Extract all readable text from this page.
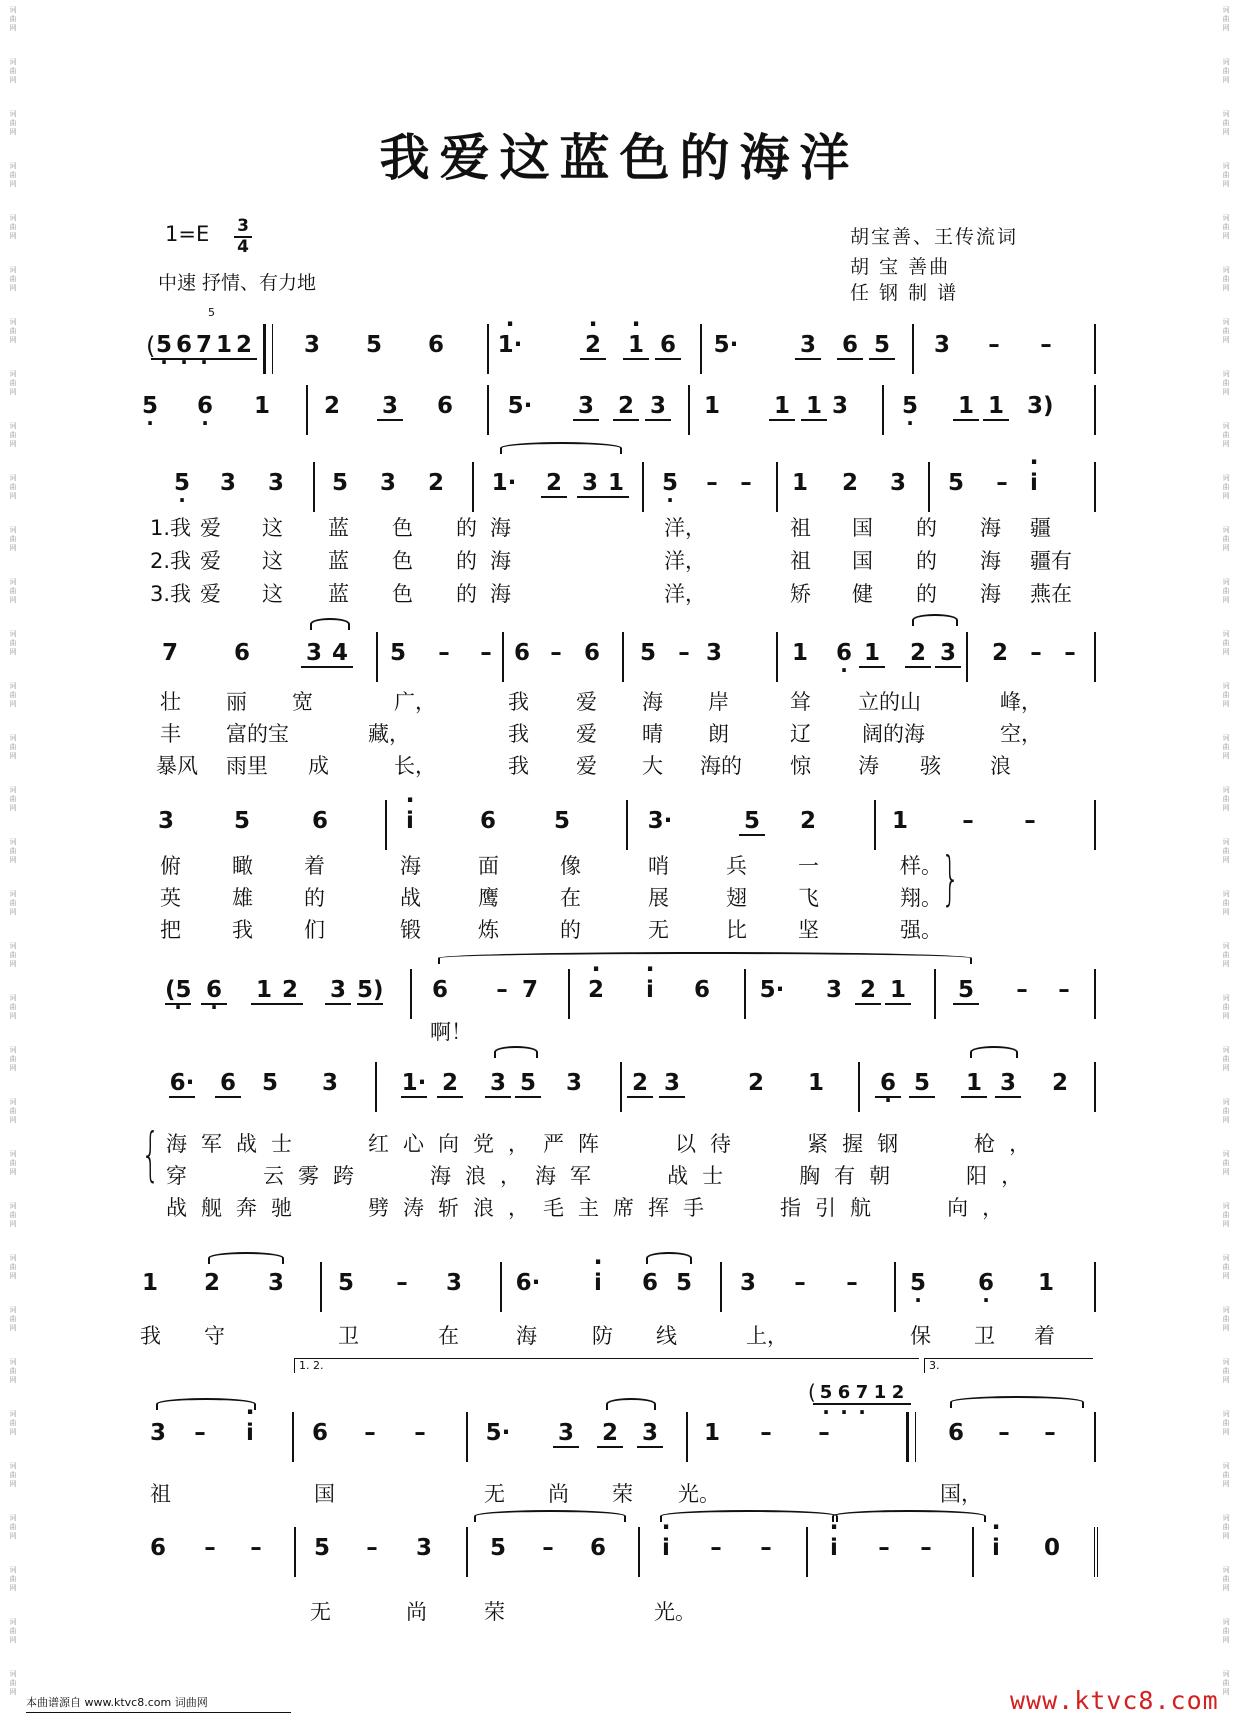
词
曲
网
词
曲
网
词
曲
网
词
曲
网
词
曲
网
词
曲
网
词
曲
网
词
曲
网
词
曲
网
词
曲
网
词
曲
网
词
曲
网
词
曲
网
词
曲
网
词
曲
网
词
曲
网
词
曲
网
词
曲
网
词
曲
网
词
曲
网
词
曲
网
词
曲
网
词
曲
网
词
曲
网
词
曲
网
词
曲
网
词
曲
网
词
曲
网
词
曲
网
词
曲
网
词
曲
网
词
曲
网
词
曲
网
词
曲
网
词
曲
网
词
曲
网
词
曲
网
词
曲
网
词
曲
网
词
曲
网
词
曲
网
词
曲
网
词
曲
网
词
曲
网
词
曲
网
词
曲
网
词
曲
网
词
曲
网
词
曲
网
词
曲
网
词
曲
网
词
曲
网
词
曲
网
词
曲
网
词
曲
网
词
曲
网
词
曲
网
词
曲
网
词
曲
网
词
曲
网
词
曲
网
词
曲
网
词
曲
网
词
曲
网
词
曲
网
词
曲
网
我爱这蓝色的海洋
1=E 3
4
中速 抒情、有力地
胡宝善、王传流词
胡 宝 善曲
任 钢 制 谱
( 5 · 6 · 7 · 1 2
5
3 5 6 · 1·	· 2 · 1 6 5·	3 6 5 3	–	–
5 · 6 · 1 2 3 6 5· 3 2 3 1 1 1 3 5 · 1 1 3)
5 · 3 3 5 3 2 1· 2 3 1 5 ·	– –	1 2 3 5	– · i
1.我 爱 这 蓝 色 的 海	洋，	祖 国 的 海 疆
2.我 爱 这 蓝 色 的 海	洋，	祖 国 的 海 疆有
3.我 爱 这 蓝 色 的 海	洋，	矫 健 的 海 燕在
7 6 3 4 5	–	– 6 – 6 5 – 3	1 6 · 1 2 3 2 – –
壮 丽 宽	广，	我 爱 海 岸	耸 立的山	峰，
丰 富的宝	藏，	我 爱 晴 朗	辽 阔的海	空，
暴风 雨里 成	长，	我 爱 大 海的 惊 涛 骇 浪
3	5	6	· i	6	5	3·	5 2	1	–	–
俯 瞰 着	海	面	像	哨	兵 一	样。
英 雄 的	战	鹰	在	展	翅 飞	翔。
把 我 们	锻	炼	的	无	比 坚	强。
}
(5 · 6 · 1 2 3 5) 6	– 7 · 2	· i	6 5· 3 2 1 5	–	–
啊！
6· 6 5 3	1· 2 3 5 3 2 3	2 1 6 · 5 1 3 2
{ 海军战士   红心向党，严阵   以待   紧握钢   枪，
穿   云雾跨   海浪，海军   战士   胸有朝   阳，
战舰奔驰   劈涛斩浪，毛主席挥手   指引航   向，
1 2 3 5	–	3 6·	· i	6 5 3	–	–	5 · 6 · 1
我 守	卫	在	海	防 线	上，	保 卫 着
1. 2.	3.
3	–	· i	6	–	–	5· 3 2 3 1	–	–	6	–	–
( 5 · 6 · 7 · 1 2
祖	国	无 尚 荣 光。	国，
6	–	–	5	–	3	5	–	6	· i	–	–	· i	–	–	· i	0
无	尚	荣	光。
本曲谱源自 www.ktvc8.com 词曲网	www.ktvc8.com
